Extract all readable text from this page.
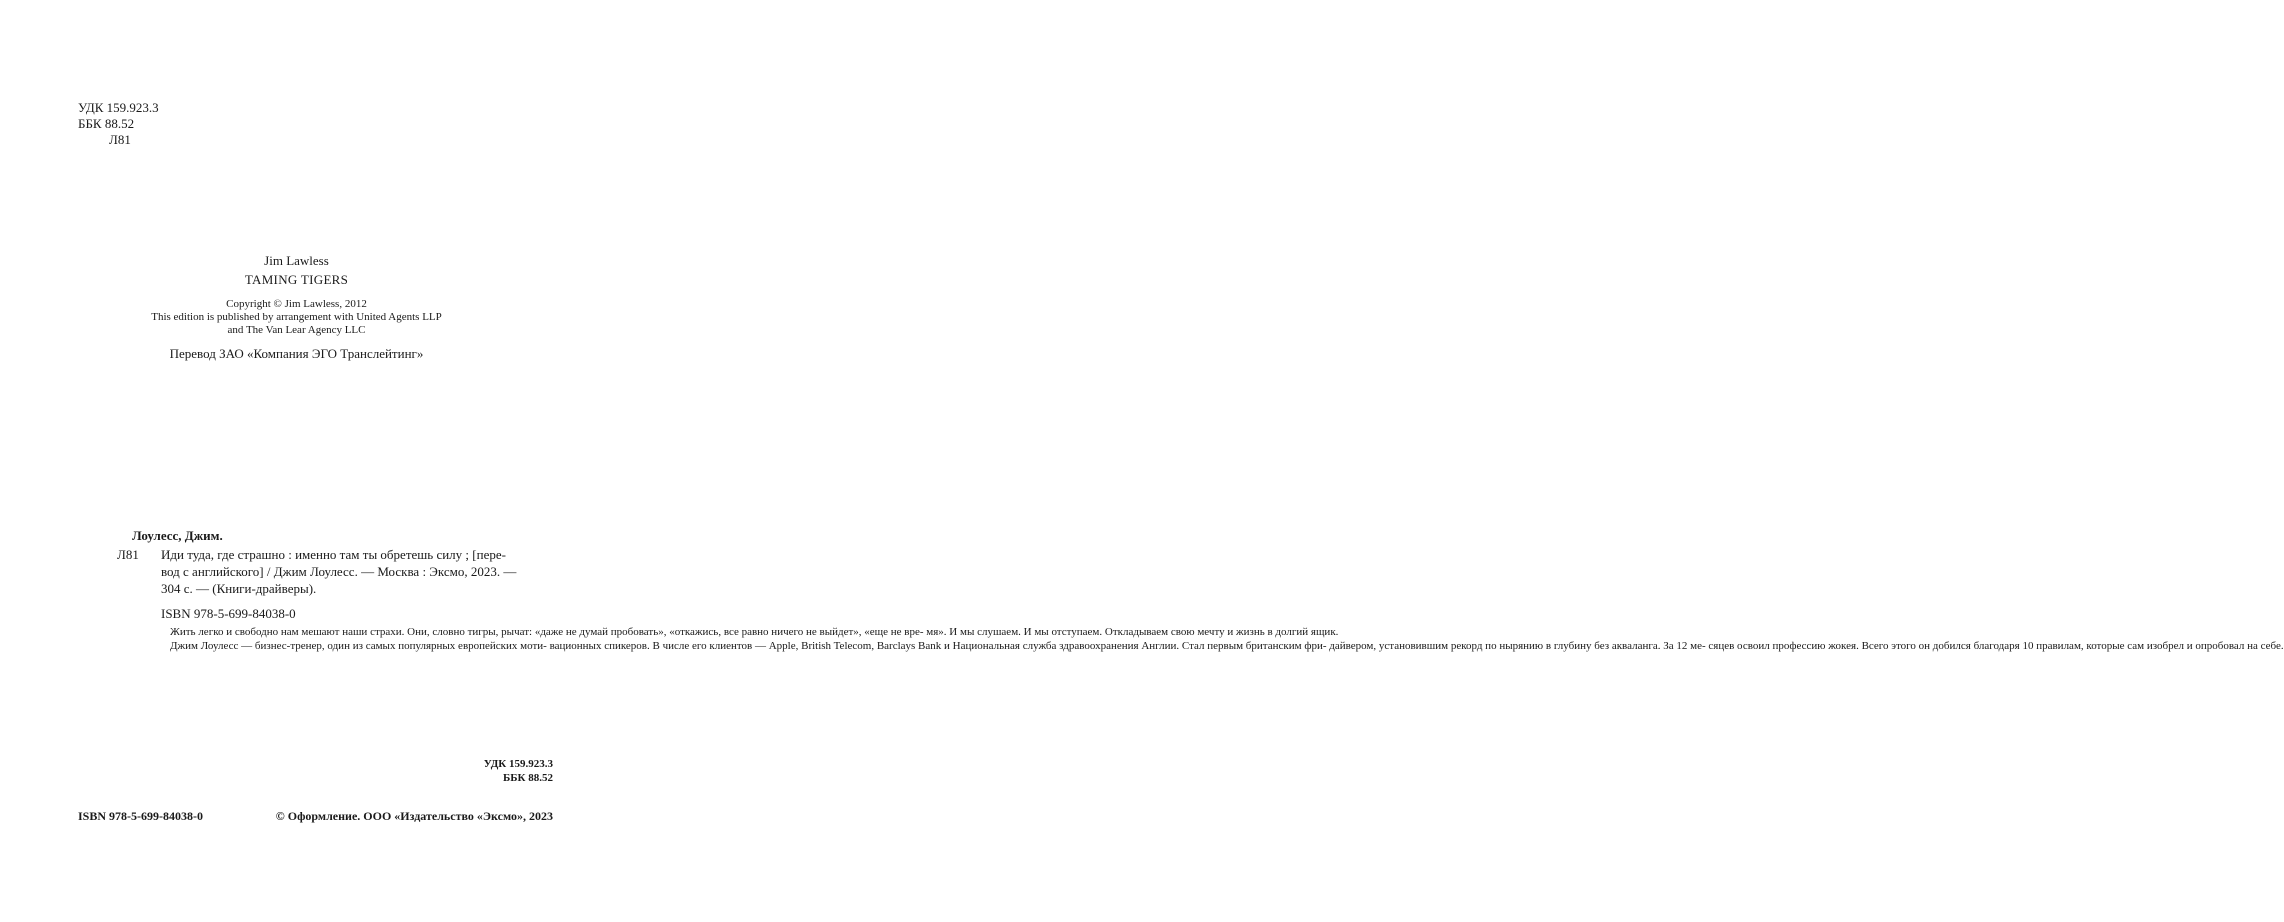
УДК 159.923.3
ББК 88.52
Л81
Jim Lawless
TAMING TIGERS
Copyright © Jim Lawless, 2012
This edition is published by arrangement with United Agents LLP
and The Van Lear Agency LLC
Перевод ЗАО «Компания ЭГО Транслейтинг»
Лоулесс, Джим.
Л81	Иди туда, где страшно : именно там ты обретешь силу ; [пере-
вод с английского] / Джим Лоулесс. — Москва : Эксмо, 2023. —
304 с. — (Книги-драйверы).
ISBN 978-5-699-84038-0

Жить легко и свободно нам мешают наши страхи. Они, словно тигры, рычат: «даже не думай пробовать», «откажись, все равно ничего не выйдет», «еще не вре- мя». И мы слушаем. И мы отступаем. Откладываем свою мечту и жизнь в долгий ящик.

Джим Лоулесс — бизнес-тренер, один из самых популярных европейских моти- вационных спикеров. В числе его клиентов — Apple, British Telecom, Barclays Bank и Национальная служба здравоохранения Англии. Стал первым британским фри- дайвером, установившим рекорд по нырянию в глубину без акваланга. За 12 ме- сяцев освоил профессию жокея. Всего этого он добился благодаря 10 правилам, которые сам изобрел и опробовал на себе.

УДК 159.923.3
ББК 88.52
ISBN 978-5-699-84038-0	© Оформление. ООО «Издательство «Эксмо», 2023
